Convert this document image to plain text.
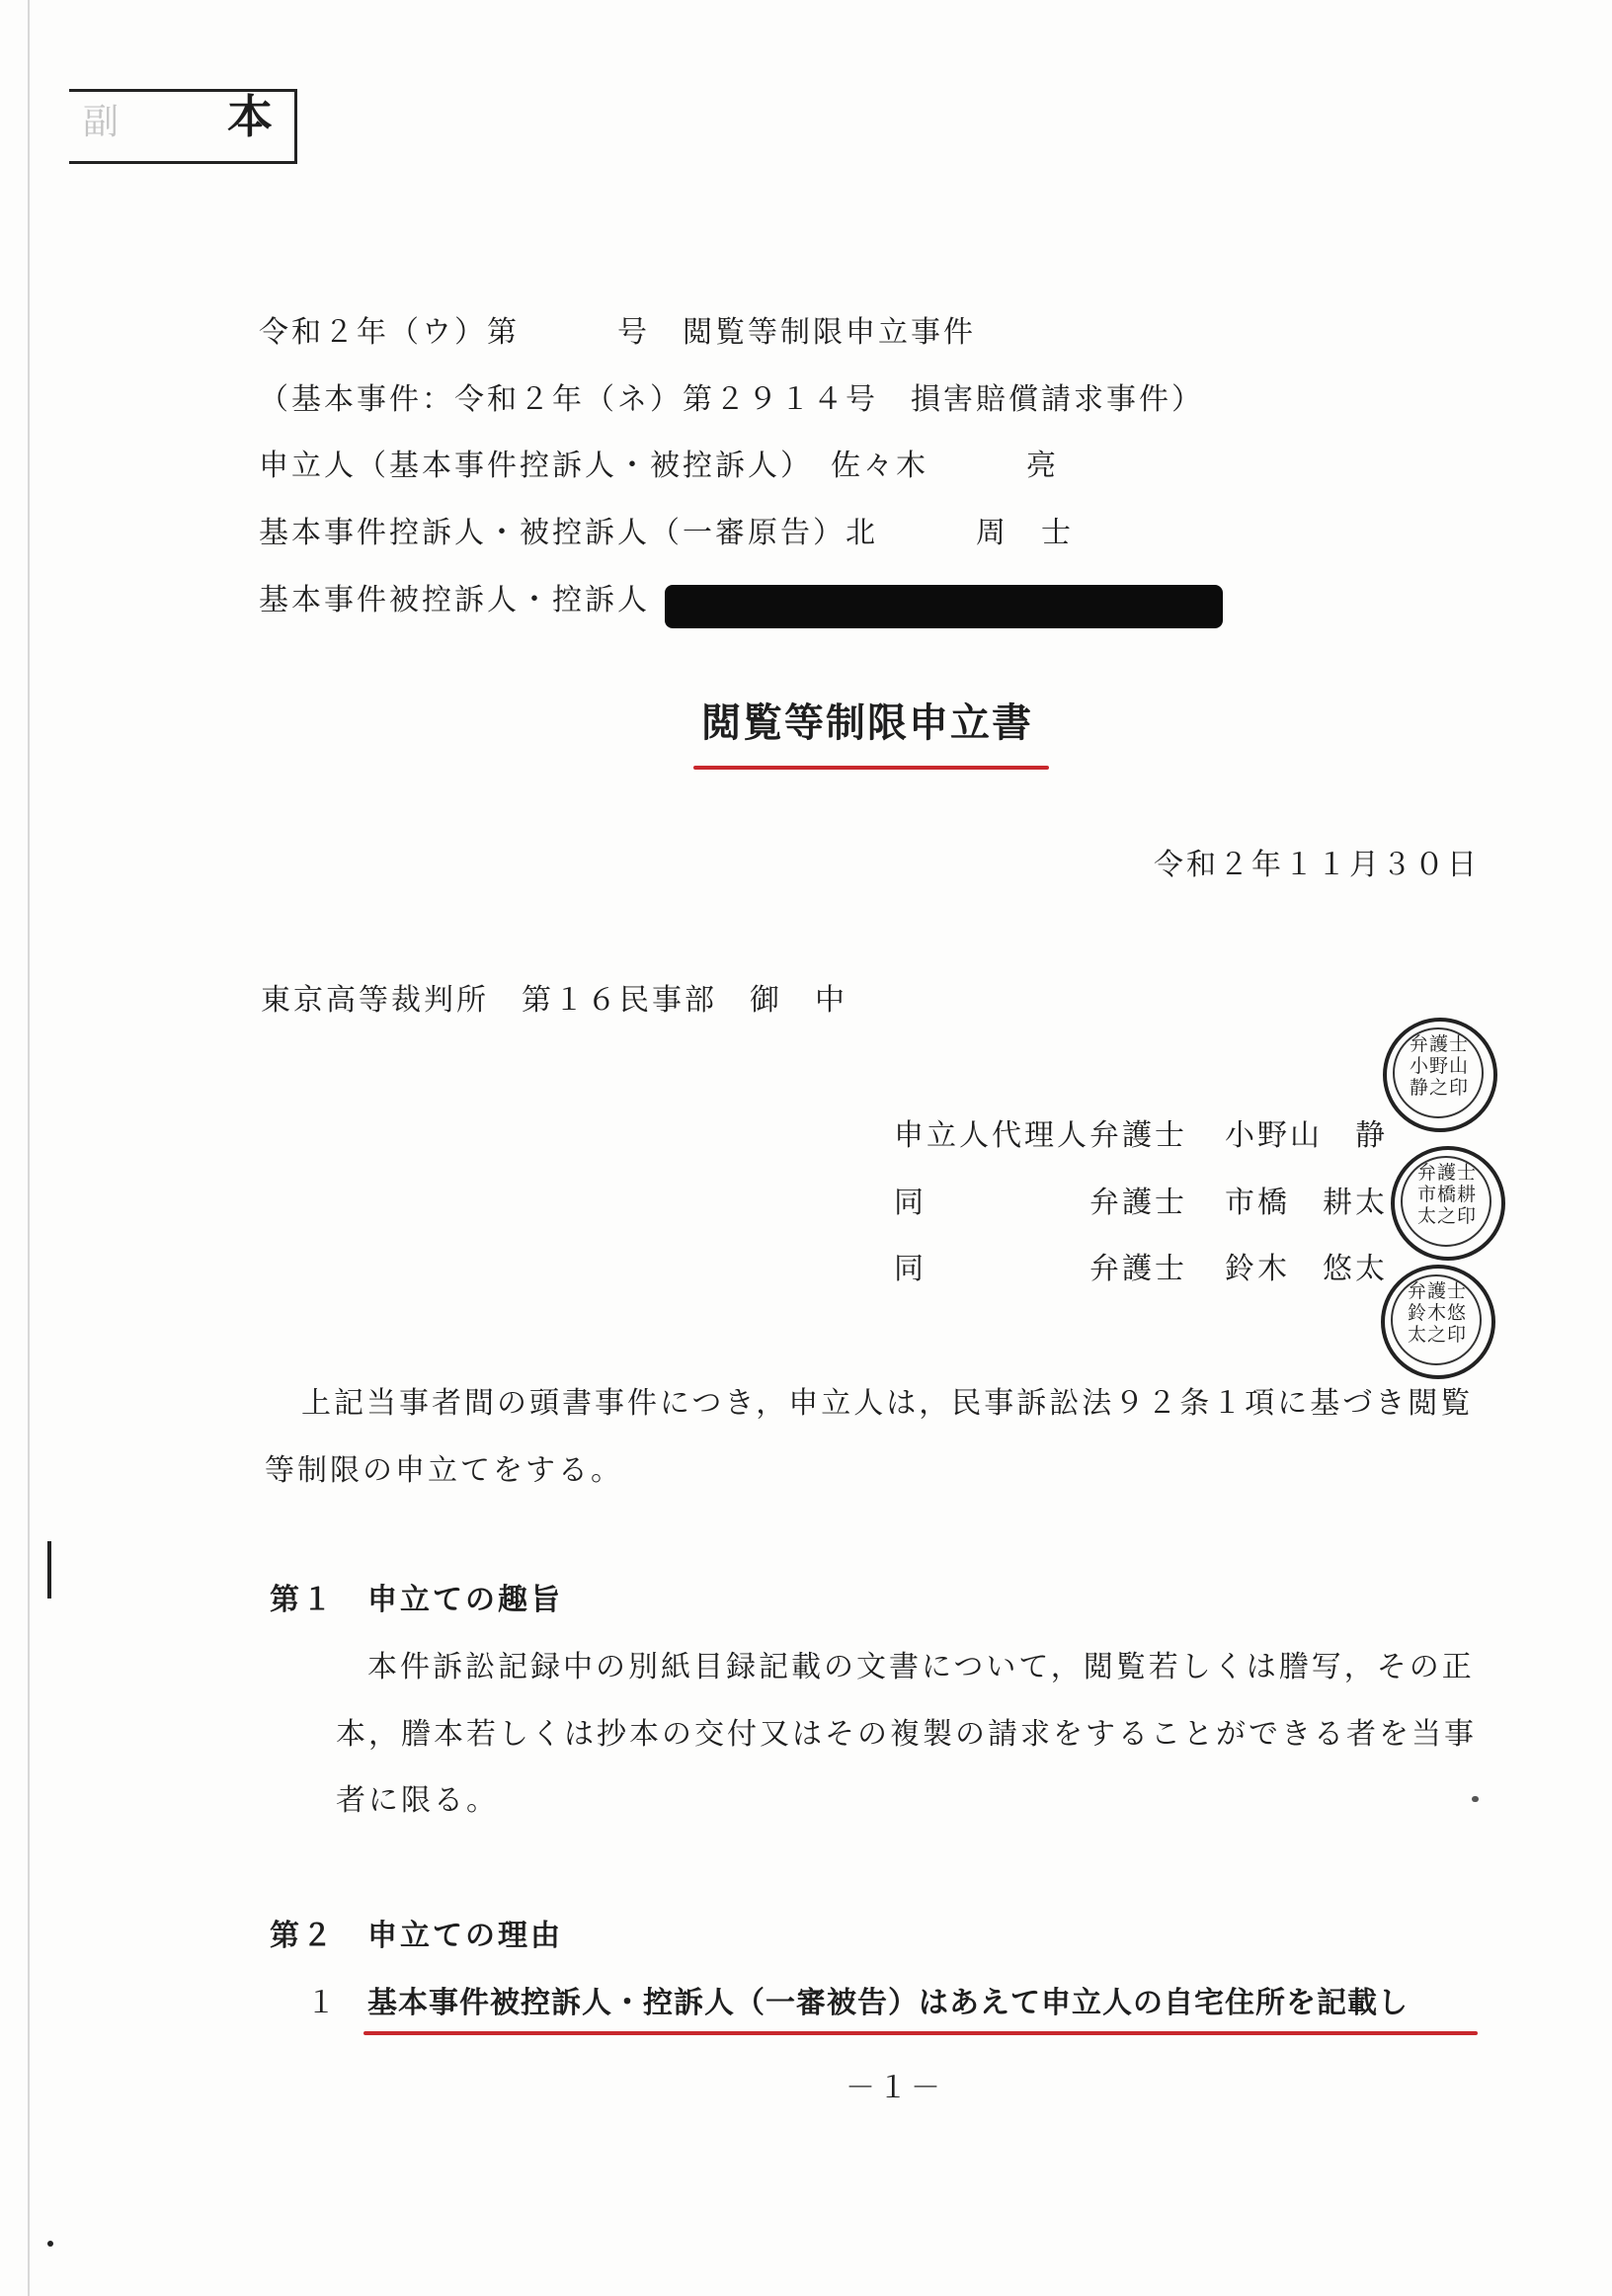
副 本
令和２年（ウ）第　　　号　閲覧等制限申立事件
（基本事件：令和２年（ネ）第２９１４号　損害賠償請求事件）
申立人（基本事件控訴人・被控訴人）　佐々木　　　亮
基本事件控訴人・被控訴人（一審原告）北　　　周　士
基本事件被控訴人・控訴人
閲覧等制限申立書
令和２年１１月３０日
東京高等裁判所　第１６民事部　御　中
申立人代理人弁護士 小野山　静
同　　　　　弁護士 市橋　耕太
同　　　　　弁護士 鈴木　悠太
弁護士小野山静之印
弁護士市橋耕太之印
弁護士鈴木悠太之印
上記当事者間の頭書事件につき，申立人は，民事訴訟法９２条１項に基づき閲覧
等制限の申立てをする。
第１ 申立ての趣旨
本件訴訟記録中の別紙目録記載の文書について，閲覧若しくは謄写，その正
本，謄本若しくは抄本の交付又はその複製の請求をすることができる者を当事
者に限る。
第２ 申立ての理由
１ 基本事件被控訴人・控訴人（一審被告）はあえて申立人の自宅住所を記載し
－１－
